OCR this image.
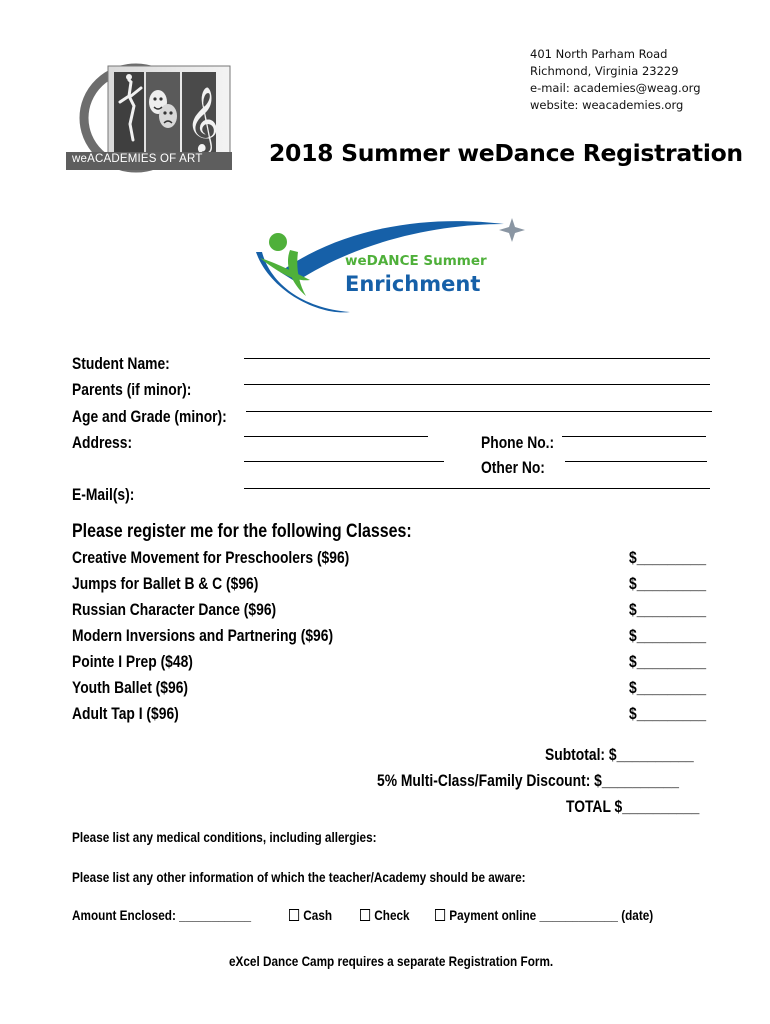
𝄞
weACADEMIES OF ART
401 North Parham Road
Richmond, Virginia 23229
e-mail: academies@weag.org
website: weacademies.org
2018 Summer weDance Registration
weDANCE Summer
Enrichment
Student Name:
Parents (if minor):
Age and Grade (minor):
Address:	Phone No.:
Other No:
E-Mail(s):
Please register me for the following Classes:
Creative Movement for Preschoolers ($96)	$_________
Jumps for Ballet B & C ($96)	$_________
Russian Character Dance ($96)	$_________
Modern Inversions and Partnering ($96)	$_________
Pointe I Prep ($48)	$_________
Youth Ballet ($96)	$_________
Adult Tap I ($96)	$_________
Subtotal: $__________
5% Multi-Class/Family Discount: $__________
TOTAL $__________
Please list any medical conditions, including allergies:
Please list any other information of which the teacher/Academy should be aware:
Amount Enclosed: ___________	Cash	Check	Payment online ____________ (date)
eXcel Dance Camp requires a separate Registration Form.
